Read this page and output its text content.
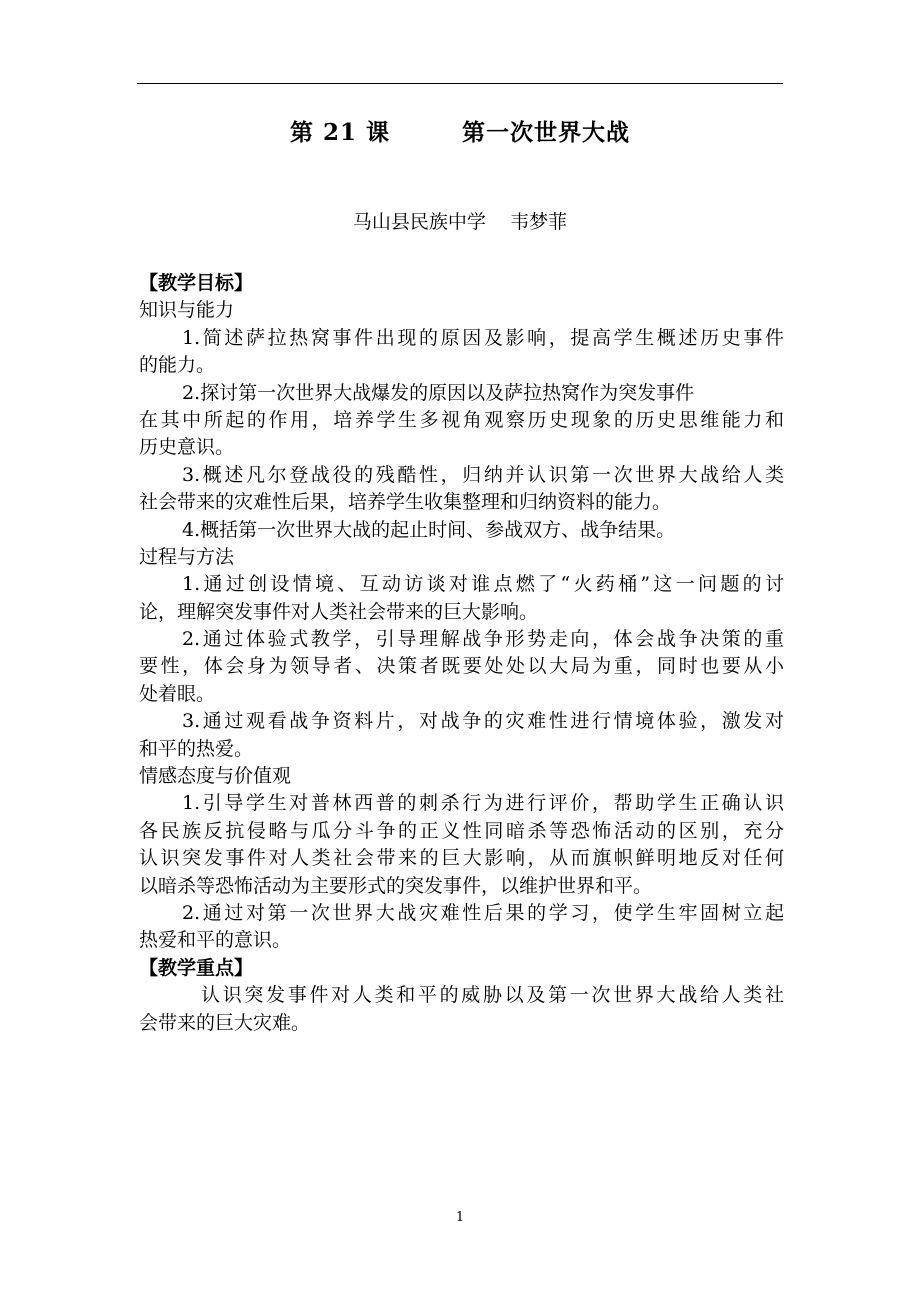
第 21 课        第一次世界大战
马山县民族中学    韦梦菲
【教学目标】
知识与能力
1.简述萨拉热窝事件出现的原因及影响，提高学生概述历史事件
的能力。
2.探讨第一次世界大战爆发的原因以及萨拉热窝作为突发事件
在其中所起的作用，培养学生多视角观察历史现象的历史思维能力和
历史意识。
3.概述凡尔登战役的残酷性，归纳并认识第一次世界大战给人类
社会带来的灾难性后果，培养学生收集整理和归纳资料的能力。
4.概括第一次世界大战的起止时间、参战双方、战争结果。
过程与方法
1.通过创设情境、互动访谈对谁点燃了“火药桶”这一问题的讨
论，理解突发事件对人类社会带来的巨大影响。
2.通过体验式教学，引导理解战争形势走向，体会战争决策的重
要性，体会身为领导者、决策者既要处处以大局为重，同时也要从小
处着眼。
3.通过观看战争资料片，对战争的灾难性进行情境体验，激发对
和平的热爱。
情感态度与价值观
1.引导学生对普林西普的刺杀行为进行评价，帮助学生正确认识
各民族反抗侵略与瓜分斗争的正义性同暗杀等恐怖活动的区别，充分
认识突发事件对人类社会带来的巨大影响，从而旗帜鲜明地反对任何
以暗杀等恐怖活动为主要形式的突发事件，以维护世界和平。
2.通过对第一次世界大战灾难性后果的学习，使学生牢固树立起
热爱和平的意识。
【教学重点】
认识突发事件对人类和平的威胁以及第一次世界大战给人类社
会带来的巨大灾难。
1
